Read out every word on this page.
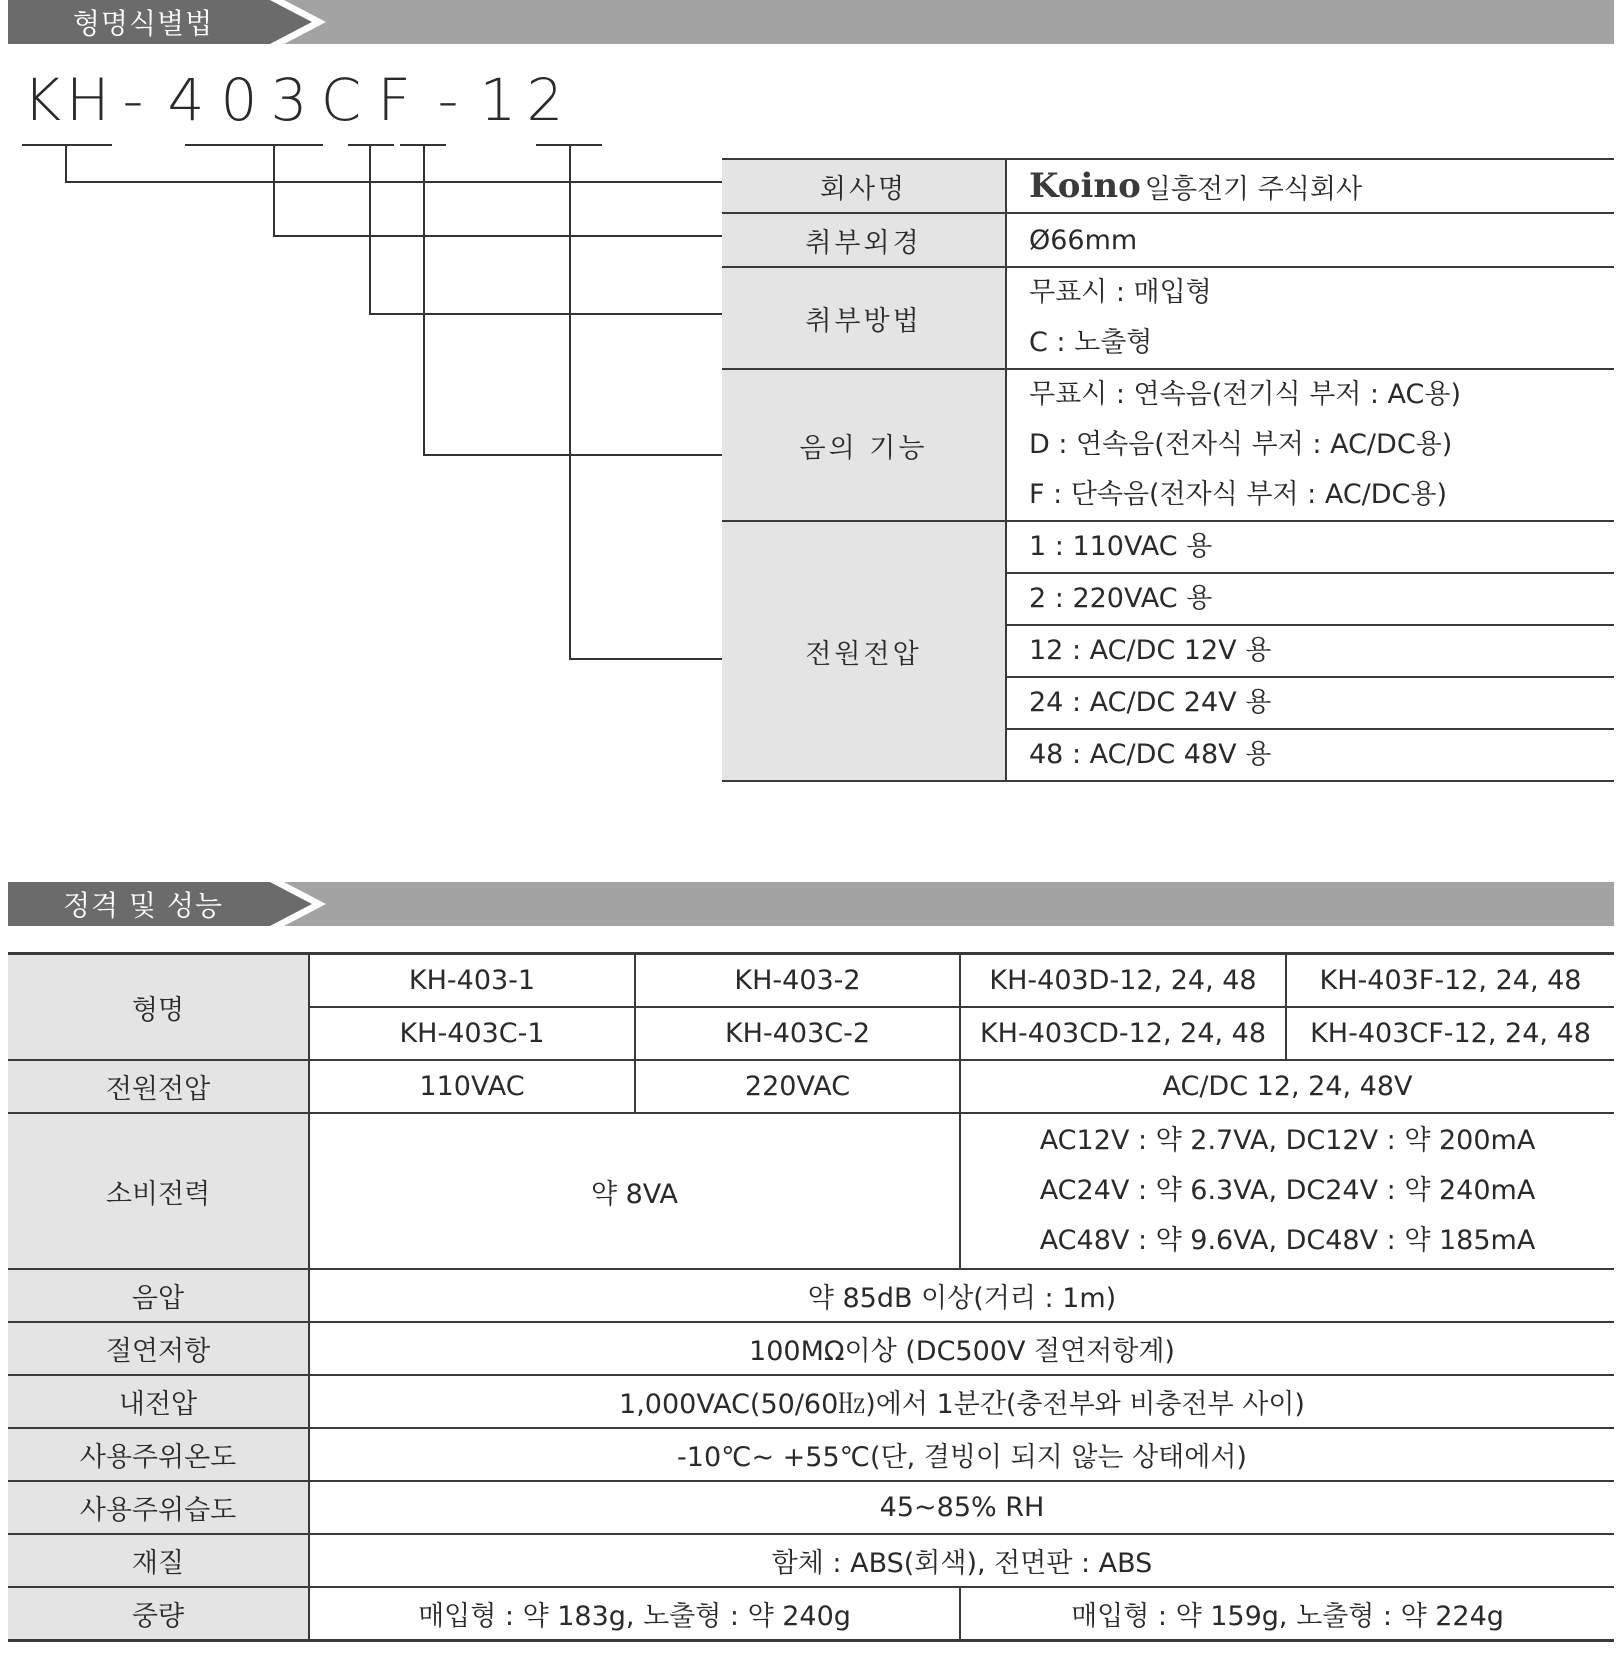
형명식별법
KH - 4 0 3 C F - 1 2
회사명	Koino 일흥전기 주식회사

취부외경	Ø66mm
취부방법	무표시 : 매입형
C : 노출형

음의 기능	무표시 : 연속음(전기식 부저 : AC용)
D : 연속음(전자식 부저 : AC/DC용)
F : 단속음(전자식 부저 : AC/DC용)

전원전압	1 : 110VAC 용
	2 : 220VAC 용
	12 : AC/DC 12V 용
	24 : AC/DC 24V 용
	48 : AC/DC 48V 용
정격 및 성능
형명	KH-403-1	KH-403-2	KH-403D-12, 24, 48	KH-403F-12, 24, 48
	KH-403C-1	KH-403C-2	KH-403CD-12, 24, 48	KH-403CF-12, 24, 48
전원전압	110VAC	220VAC	AC/DC 12, 24, 48V	
소비전력	약 8VA		AC12V : 약 2.7VA, DC12V : 약 200mA
AC24V : 약 6.3VA, DC24V : 약 240mA
AC48V : 약 9.6VA, DC48V : 약 185mA	

음압	약 85dB 이상(거리 : 1m)			
절연저항	100MΩ이상 (DC500V 절연저항계)			
내전압	1,000VAC(50/60㎐)에서 1분간(충전부와 비충전부 사이)			
사용주위온도	-10℃~ +55℃(단, 결빙이 되지 않는 상태에서)			
사용주위습도	45~85% RH			
재질	함체 : ABS(회색), 전면판 : ABS			
중량	매입형 : 약 183g, 노출형 : 약 240g		매입형 : 약 159g, 노출형 : 약 224g	
